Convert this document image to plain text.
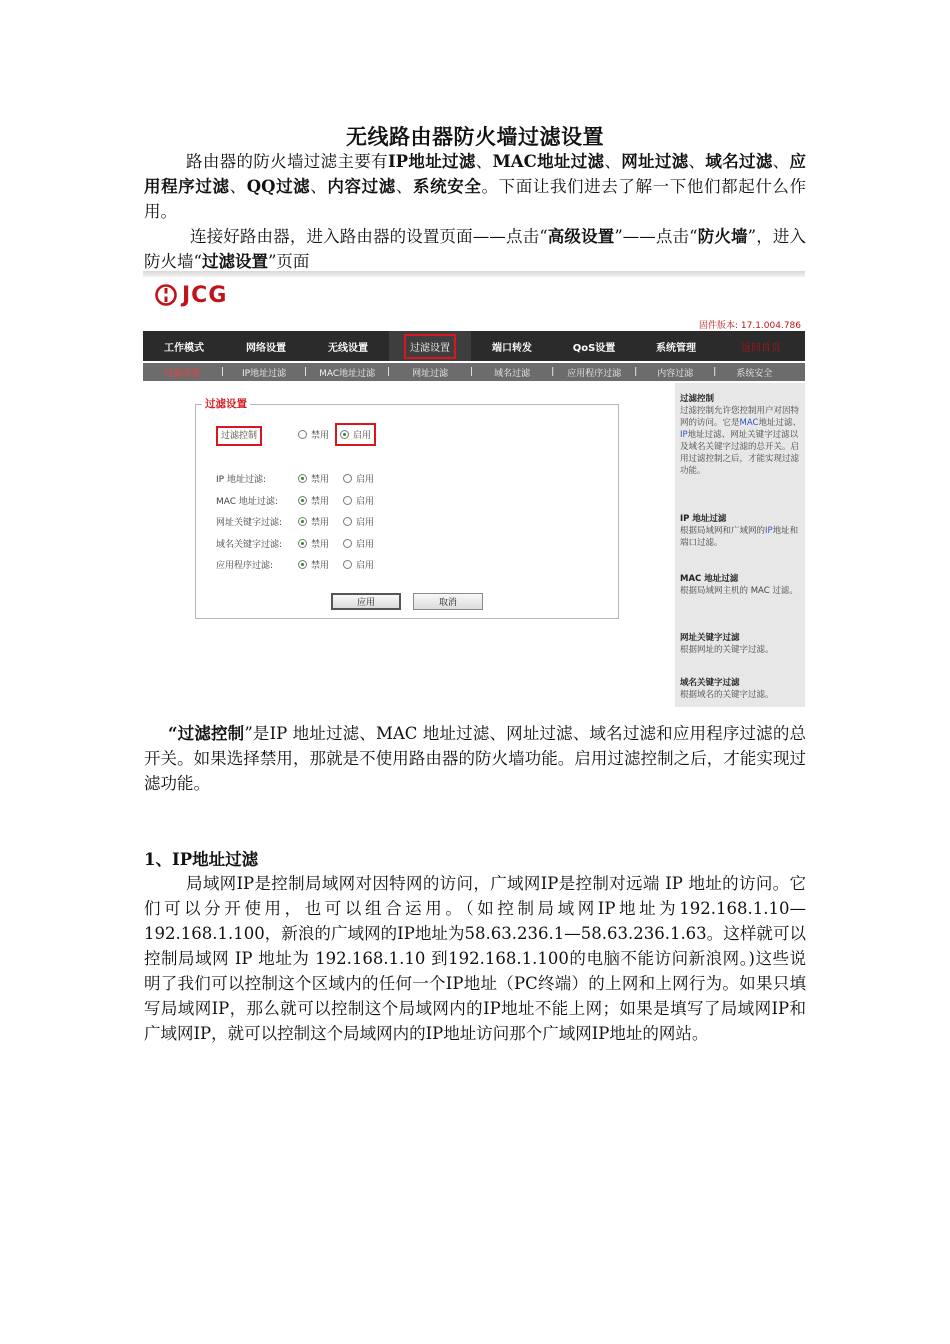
无线路由器防火墙过滤设置
路由器的防火墙过滤主要有IP地址过滤、MAC地址过滤、网址过滤、域名过滤、应用程序过滤、QQ过滤、内容过滤、系统安全。下面让我们进去了解一下他们都起什么作用。
连接好路由器，进入路由器的设置页面——点击“高级设置”——点击“防火墙”，进入防火墙“过滤设置”页面
JCG
固件版本: 17.1.004.786
工作模式	网络设置	无线设置	过滤设置	端口转发	QoS设置	系统管理	返回首页
过滤设置	|	IP地址过滤	|	MAC地址过滤	|	网址过滤	|	域名过滤	|	应用程序过滤	|	内容过滤	|	系统安全
过滤设置
过滤控制	禁用	启用
IP 地址过滤:	禁用	启用
MAC 地址过滤:	禁用	启用
网址关键字过滤:	禁用	启用
域名关键字过滤:	禁用	启用
应用程序过滤:	禁用	启用
应用	取消
过滤控制
过滤控制允许您控制用户对因特网的访问。它是MAC地址过滤、IP地址过滤、网址关键字过滤以及域名关键字过滤的总开关。启用过滤控制之后，才能实现过滤功能。
IP 地址过滤
根据局域网和广域网的IP地址和端口过滤。
MAC 地址过滤
根据局域网主机的 MAC 过滤。
网址关键字过滤
根据网址的关键字过滤。
域名关键字过滤
根据域名的关键字过滤。
“过滤控制”是IP 地址过滤、MAC 地址过滤、网址过滤、域名过滤和应用程序过滤的总开关。如果选择禁用，那就是不使用路由器的防火墙功能。启用过滤控制之后，才能实现过滤功能。
1、IP地址过滤
局域网IP是控制局域网对因特网的访问，广域网IP是控制对远端 IP 地址的访问。它们可以分开使用，也可以组合运用。（如控制局域网IP地址为192.168.1.10—192.168.1.100，新浪的广域网的IP地址为58.63.236.1—58.63.236.1.63。这样就可以控制局域网 IP 地址为 192.168.1.10 到192.168.1.100的电脑不能访问新浪网。)这些说明了我们可以控制这个区域内的任何一个IP地址（PC终端）的上网和上网行为。如果只填写局域网IP，那么就可以控制这个局域网内的IP地址不能上网；如果是填写了局域网IP和广域网IP，就可以控制这个局域网内的IP地址访问那个广域网IP地址的网站。
